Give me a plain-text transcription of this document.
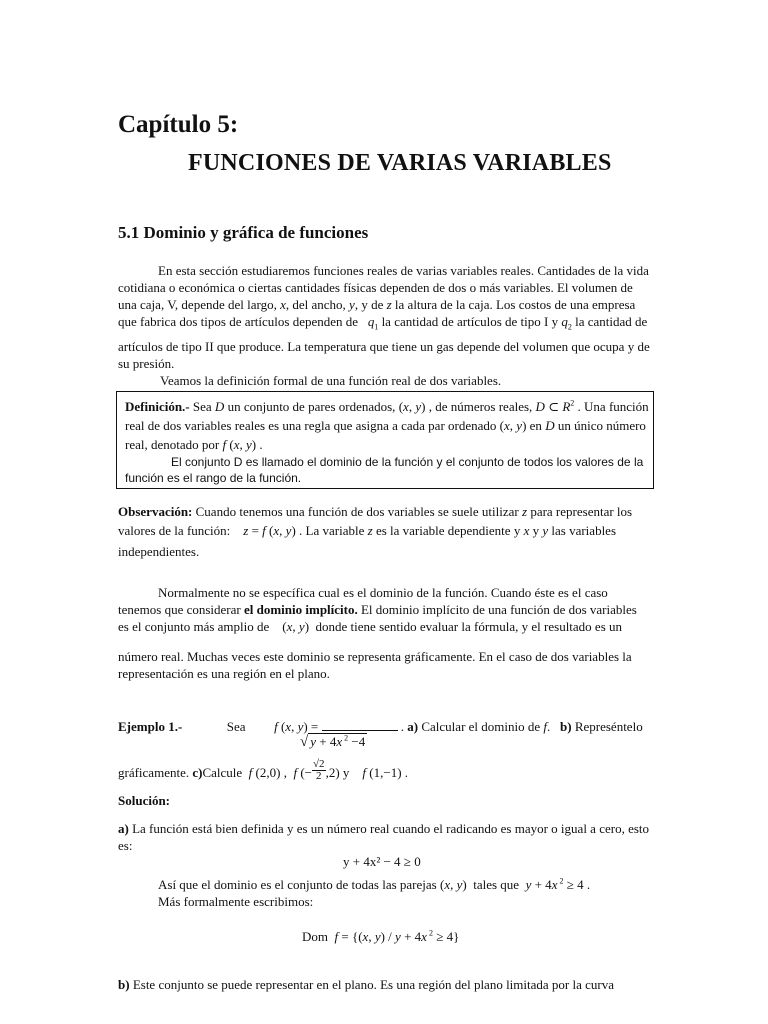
Capítulo 5:
FUNCIONES DE VARIAS VARIABLES
5.1 Dominio y gráfica de funciones
En esta sección estudiaremos funciones reales de varias variables reales. Cantidades de la vida
cotidiana o económica o ciertas cantidades físicas dependen de dos o más variables. El volumen de
una caja, V, depende del largo, x, del ancho, y, y de z la altura de la caja. Los costos de una empresa
que fabrica dos tipos de artículos dependen de $q_1$ la cantidad de artículos de tipo I y $q_2$ la cantidad de
artículos de tipo II que produce. La temperatura que tiene un gas depende del volumen que ocupa y de
su presión.
Veamos la definición formal de una función real de dos variables.
Definición.- Sea D un conjunto de pares ordenados, (x, y) , de números reales, D ⊂ $R^2$ . Una función
real de dos variables reales es una regla que asigna a cada par ordenado (x, y) en D un único número
real, denotado por f (x, y) .
El conjunto D es llamado el dominio de la función y el conjunto de todos los valores de la
función es el rango de la función.
Observación: Cuando tenemos una función de dos variables se suele utilizar z para representar los
valores de la función: z = f (x, y) . La variable z es la variable dependiente y x y y las variables
independientes.
Normalmente no se específica cual es el dominio de la función. Cuando éste es el caso
tenemos que considerar el dominio implícito. El dominio implícito de una función de dos variables
es el conjunto más amplio de    (x, y)  donde tiene sentido evaluar la fórmula, y el resultado es un
número real. Muchas veces este dominio se representa gráficamente. En el caso de dos variables la
representación es una región en el plano.
Ejemplo 1.-	Sea f (x, y) =	. a) Calcular el dominio de f.   b) Represéntelo
√ y + 4x $^2$ −4
gráficamente. c)Calcule f (2,0) ,  f (− $\frac{√2}{2} ,2$) y    f (1,−1) .
Solución:
a) La función está bien definida y es un número real cuando el radicando es mayor o igual a cero, esto
es:
y + 4x² − 4 ≥ 0
Así que el dominio es el conjunto de todas las parejas (x, y)  tales que y + 4x $^2$ ≥ 4 .
Más formalmente escribimos:
Dom f = {(x, y) / y + 4x $^2$ ≥ 4}
b) Este conjunto se puede representar en el plano. Es una región del plano limitada por la curva
